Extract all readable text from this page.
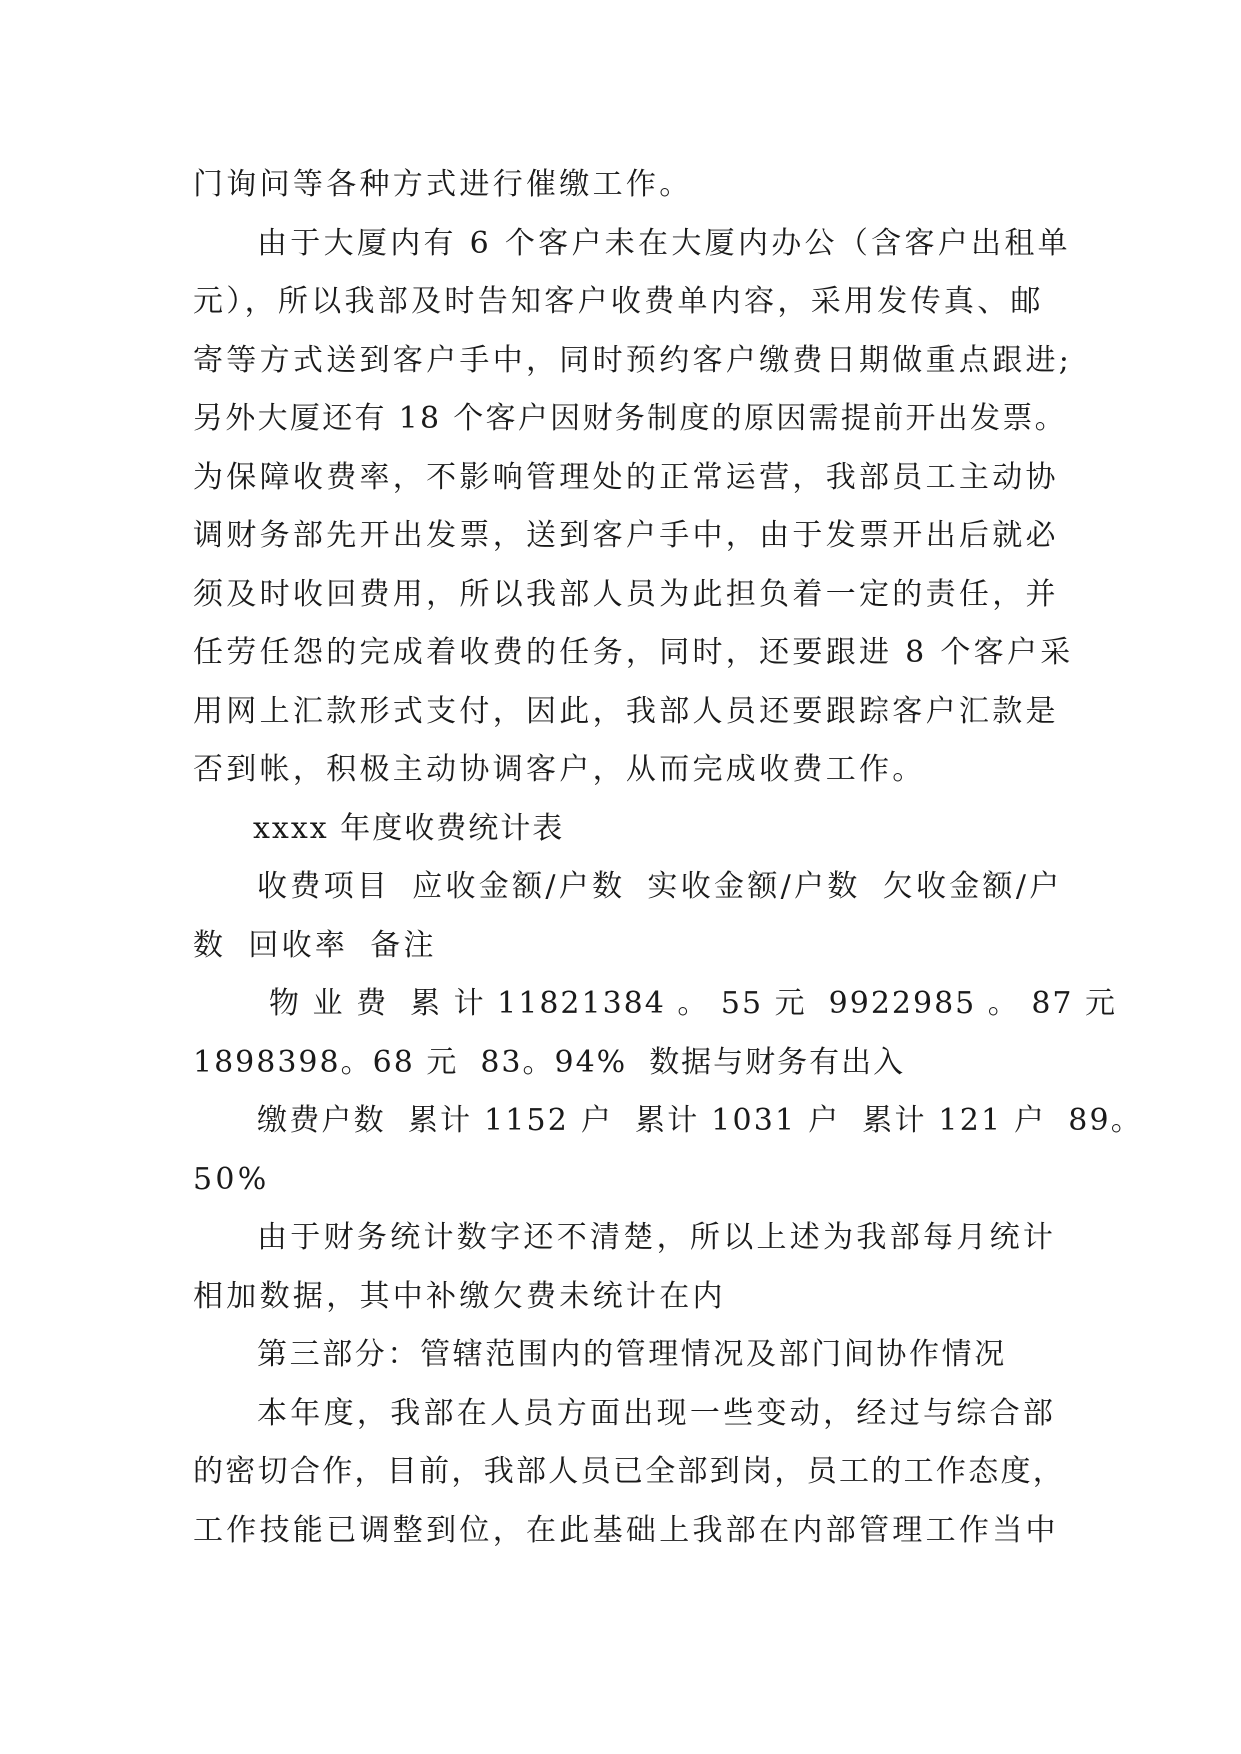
门询问等各种方式进行催缴工作。
由于大厦内有 6 个客户未在大厦内办公（含客户出租单
元），所以我部及时告知客户收费单内容，采用发传真、邮
寄等方式送到客户手中，同时预约客户缴费日期做重点跟进;
另外大厦还有 18 个客户因财务制度的原因需提前开出发票。
为保障收费率，不影响管理处的正常运营，我部员工主动协
调财务部先开出发票，送到客户手中，由于发票开出后就必
须及时收回费用，所以我部人员为此担负着一定的责任，并
任劳任怨的完成着收费的任务，同时，还要跟进 8 个客户采
用网上汇款形式支付，因此，我部人员还要跟踪客户汇款是
否到帐，积极主动协调客户，从而完成收费工作。
xxxx 年度收费统计表
收费项目 应收金额/户数 实收金额/户数 欠收金额/户
数 回收率 备注
物 业 费 累 计 11821384 。 55 元 9922985 。 87 元
1898398。68 元 83。94% 数据与财务有出入
缴费户数 累计 1152 户 累计 1031 户 累计 121 户 89。
50%
由于财务统计数字还不清楚，所以上述为我部每月统计
相加数据，其中补缴欠费未统计在内
第三部分：管辖范围内的管理情况及部门间协作情况
本年度，我部在人员方面出现一些变动，经过与综合部
的密切合作，目前，我部人员已全部到岗，员工的工作态度，
工作技能已调整到位，在此基础上我部在内部管理工作当中
